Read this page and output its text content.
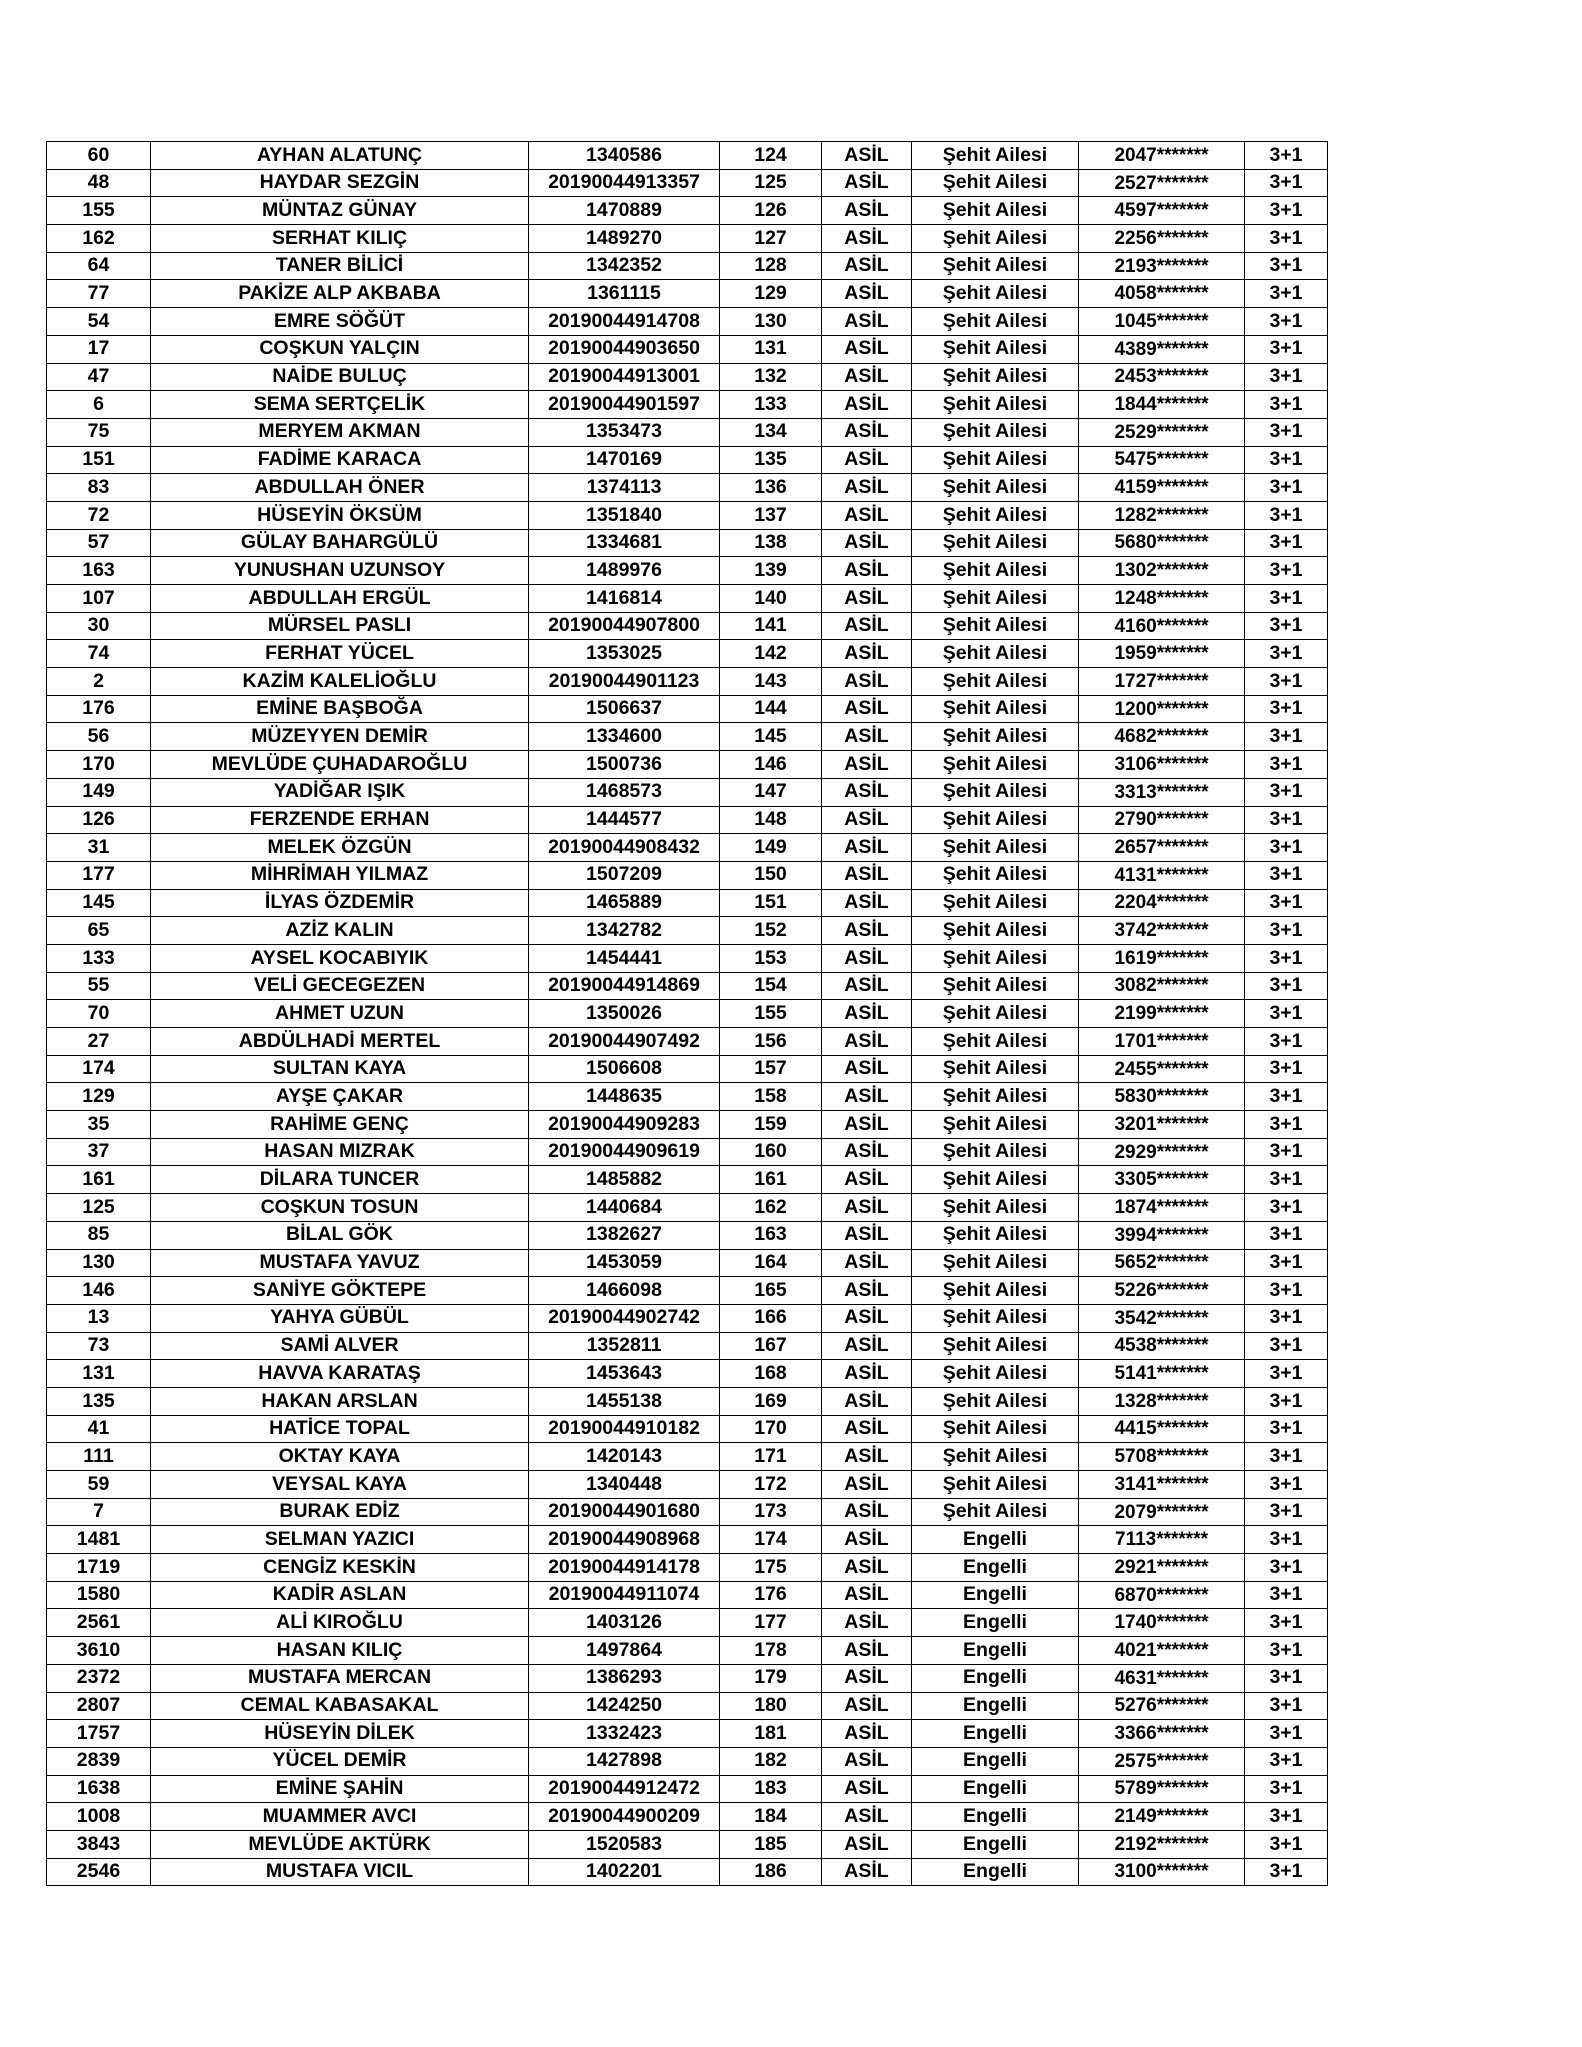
60	AYHAN ALATUNÇ	1340586	124	ASİL	Şehit Ailesi	2047*******	3+1
48	HAYDAR SEZGİN	20190044913357	125	ASİL	Şehit Ailesi	2527*******	3+1
155	MÜNTAZ GÜNAY	1470889	126	ASİL	Şehit Ailesi	4597*******	3+1
162	SERHAT KILIÇ	1489270	127	ASİL	Şehit Ailesi	2256*******	3+1
64	TANER BİLİCİ	1342352	128	ASİL	Şehit Ailesi	2193*******	3+1
77	PAKİZE ALP AKBABA	1361115	129	ASİL	Şehit Ailesi	4058*******	3+1
54	EMRE SÖĞÜT	20190044914708	130	ASİL	Şehit Ailesi	1045*******	3+1
17	COŞKUN YALÇIN	20190044903650	131	ASİL	Şehit Ailesi	4389*******	3+1
47	NAİDE BULUÇ	20190044913001	132	ASİL	Şehit Ailesi	2453*******	3+1
6	SEMA SERTÇELİK	20190044901597	133	ASİL	Şehit Ailesi	1844*******	3+1
75	MERYEM AKMAN	1353473	134	ASİL	Şehit Ailesi	2529*******	3+1
151	FADİME KARACA	1470169	135	ASİL	Şehit Ailesi	5475*******	3+1
83	ABDULLAH ÖNER	1374113	136	ASİL	Şehit Ailesi	4159*******	3+1
72	HÜSEYİN ÖKSÜM	1351840	137	ASİL	Şehit Ailesi	1282*******	3+1
57	GÜLAY BAHARGÜLÜ	1334681	138	ASİL	Şehit Ailesi	5680*******	3+1
163	YUNUSHAN UZUNSOY	1489976	139	ASİL	Şehit Ailesi	1302*******	3+1
107	ABDULLAH ERGÜL	1416814	140	ASİL	Şehit Ailesi	1248*******	3+1
30	MÜRSEL PASLI	20190044907800	141	ASİL	Şehit Ailesi	4160*******	3+1
74	FERHAT YÜCEL	1353025	142	ASİL	Şehit Ailesi	1959*******	3+1
2	KAZİM KALELİOĞLU	20190044901123	143	ASİL	Şehit Ailesi	1727*******	3+1
176	EMİNE BAŞBOĞA	1506637	144	ASİL	Şehit Ailesi	1200*******	3+1
56	MÜZEYYEN DEMİR	1334600	145	ASİL	Şehit Ailesi	4682*******	3+1
170	MEVLÜDE ÇUHADAROĞLU	1500736	146	ASİL	Şehit Ailesi	3106*******	3+1
149	YADİĞAR IŞIK	1468573	147	ASİL	Şehit Ailesi	3313*******	3+1
126	FERZENDE ERHAN	1444577	148	ASİL	Şehit Ailesi	2790*******	3+1
31	MELEK ÖZGÜN	20190044908432	149	ASİL	Şehit Ailesi	2657*******	3+1
177	MİHRİMAH YILMAZ	1507209	150	ASİL	Şehit Ailesi	4131*******	3+1
145	İLYAS ÖZDEMİR	1465889	151	ASİL	Şehit Ailesi	2204*******	3+1
65	AZİZ KALIN	1342782	152	ASİL	Şehit Ailesi	3742*******	3+1
133	AYSEL KOCABIYIK	1454441	153	ASİL	Şehit Ailesi	1619*******	3+1
55	VELİ GECEGEZEN	20190044914869	154	ASİL	Şehit Ailesi	3082*******	3+1
70	AHMET UZUN	1350026	155	ASİL	Şehit Ailesi	2199*******	3+1
27	ABDÜLHADİ MERTEL	20190044907492	156	ASİL	Şehit Ailesi	1701*******	3+1
174	SULTAN KAYA	1506608	157	ASİL	Şehit Ailesi	2455*******	3+1
129	AYŞE ÇAKAR	1448635	158	ASİL	Şehit Ailesi	5830*******	3+1
35	RAHİME GENÇ	20190044909283	159	ASİL	Şehit Ailesi	3201*******	3+1
37	HASAN MIZRAK	20190044909619	160	ASİL	Şehit Ailesi	2929*******	3+1
161	DİLARA TUNCER	1485882	161	ASİL	Şehit Ailesi	3305*******	3+1
125	COŞKUN TOSUN	1440684	162	ASİL	Şehit Ailesi	1874*******	3+1
85	BİLAL GÖK	1382627	163	ASİL	Şehit Ailesi	3994*******	3+1
130	MUSTAFA YAVUZ	1453059	164	ASİL	Şehit Ailesi	5652*******	3+1
146	SANİYE GÖKTEPE	1466098	165	ASİL	Şehit Ailesi	5226*******	3+1
13	YAHYA GÜBÜL	20190044902742	166	ASİL	Şehit Ailesi	3542*******	3+1
73	SAMİ ALVER	1352811	167	ASİL	Şehit Ailesi	4538*******	3+1
131	HAVVA KARATAŞ	1453643	168	ASİL	Şehit Ailesi	5141*******	3+1
135	HAKAN ARSLAN	1455138	169	ASİL	Şehit Ailesi	1328*******	3+1
41	HATİCE TOPAL	20190044910182	170	ASİL	Şehit Ailesi	4415*******	3+1
111	OKTAY KAYA	1420143	171	ASİL	Şehit Ailesi	5708*******	3+1
59	VEYSAL KAYA	1340448	172	ASİL	Şehit Ailesi	3141*******	3+1
7	BURAK EDİZ	20190044901680	173	ASİL	Şehit Ailesi	2079*******	3+1
1481	SELMAN YAZICI	20190044908968	174	ASİL	Engelli	7113*******	3+1
1719	CENGİZ KESKİN	20190044914178	175	ASİL	Engelli	2921*******	3+1
1580	KADİR ASLAN	20190044911074	176	ASİL	Engelli	6870*******	3+1
2561	ALİ KIROĞLU	1403126	177	ASİL	Engelli	1740*******	3+1
3610	HASAN KILIÇ	1497864	178	ASİL	Engelli	4021*******	3+1
2372	MUSTAFA MERCAN	1386293	179	ASİL	Engelli	4631*******	3+1
2807	CEMAL KABASAKAL	1424250	180	ASİL	Engelli	5276*******	3+1
1757	HÜSEYİN DİLEK	1332423	181	ASİL	Engelli	3366*******	3+1
2839	YÜCEL DEMİR	1427898	182	ASİL	Engelli	2575*******	3+1
1638	EMİNE ŞAHİN	20190044912472	183	ASİL	Engelli	5789*******	3+1
1008	MUAMMER AVCI	20190044900209	184	ASİL	Engelli	2149*******	3+1
3843	MEVLÜDE AKTÜRK	1520583	185	ASİL	Engelli	2192*******	3+1
2546	MUSTAFA VICIL	1402201	186	ASİL	Engelli	3100*******	3+1
